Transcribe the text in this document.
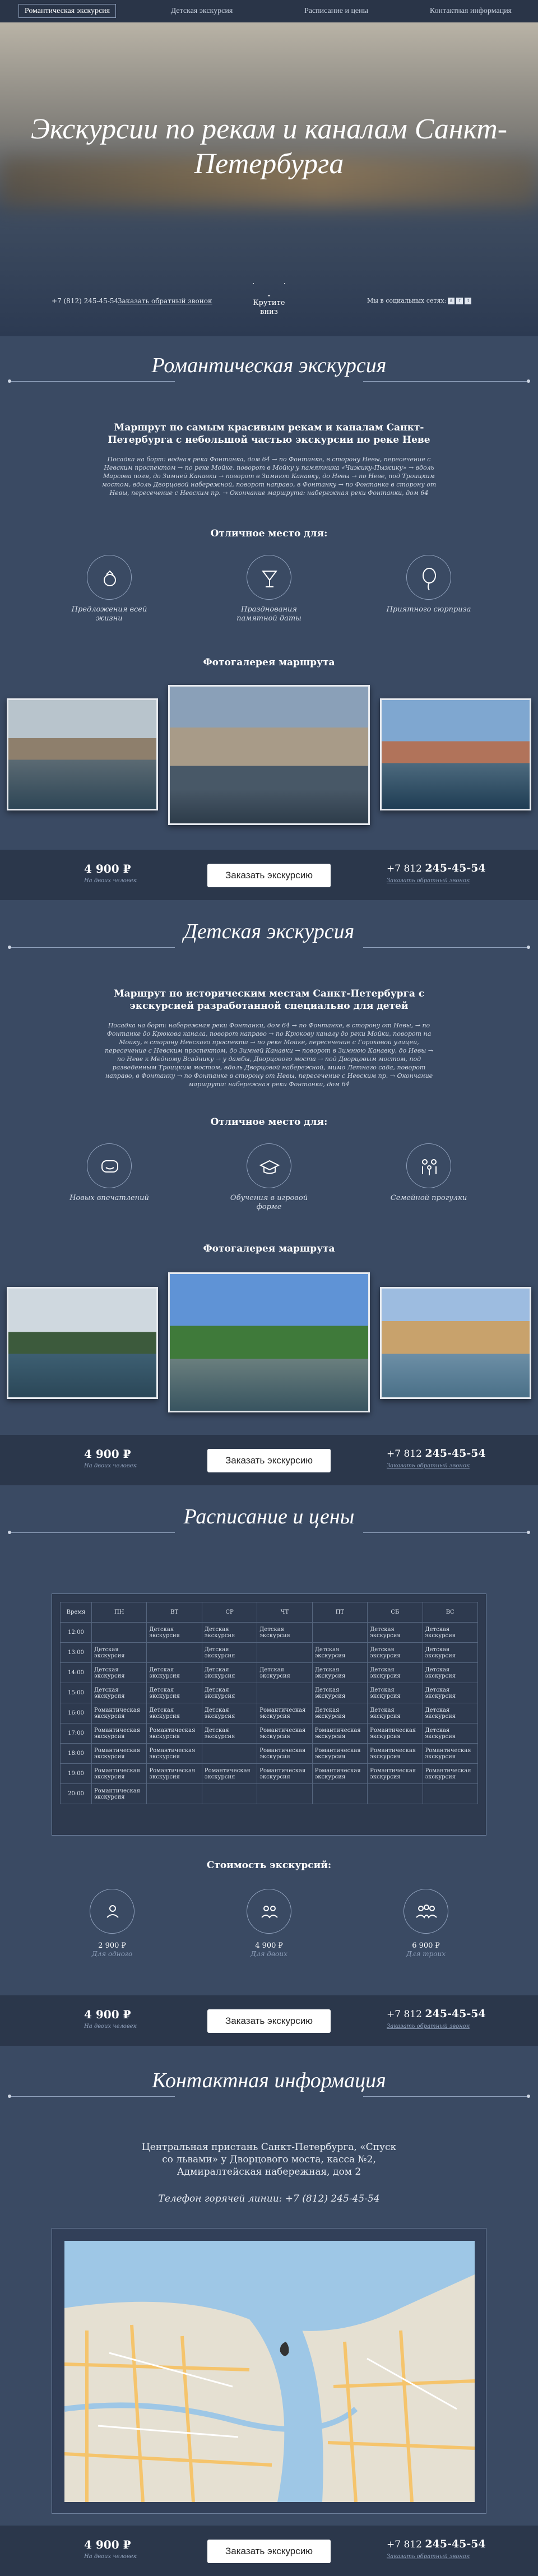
Романтическая экскурсия	Детская экскурсия	Расписание и цены	Контактная информация
Экскурсии по рекам и каналам Санкт-Петербурга
+7 (812) 245-45-54
Заказать обратный звонок	Крутите вниз
Мы в социальных сетях: в	f	t
Романтическая экскурсия
Маршрут по самым красивым рекам и каналам Санкт-Петербурга с небольшой частью экскурсии по реке Неве
Посадка на борт: водная река Фонтанка, дом 64 → по Фонтанке, в сторону Невы, пересечение с Невским проспектом → по реке Мойке, поворот в Мойку у памятника «Чижику-Пыжику» → вдоль Марсова поля, до Зимней Канавки → поворот в Зимнюю Канавку, до Невы → по Неве, под Троицким мостом, вдоль Дворцовой набережной, поворот направо, в Фонтанку → по Фонтанке в сторону от Невы, пересечение с Невским пр. → Окончание маршрута: набережная реки Фонтанки, дом 64
Отличное место для:
Предложения всей жизни
Празднования памятной даты
Приятного сюрприза
Фотогалерея маршрута
4 900 ₽
На двоих человек
Заказать экскурсию
+7 812 245-45-54
Заказать обратный звонок
Детская экскурсия
Маршрут по историческим местам Санкт-Петербурга с экскурсией разработанной специально для детей
Посадка на борт: набережная реки Фонтанки, дом 64 → по Фонтанке, в сторону от Невы, → по Фонтанке до Крюкова канала, поворот направо → по Крюкову каналу до реки Мойки, поворот на Мойку, в сторону Невского проспекта → по реке Мойке, пересечение с Гороховой улицей, пересечение с Невским проспектом, до Зимней Канавки → поворот в Зимнюю Канавку, до Невы → по Неве к Медному Всаднику → у дамбы, Дворцового моста → под Дворцовым мостом, под разведенным Троицким мостом, вдоль Дворцовой набережной, мимо Летнего сада, поворот направо, в Фонтанку → по Фонтанке в сторону от Невы, пересечение с Невским пр. → Окончание маршрута: набережная реки Фонтанки, дом 64
Отличное место для:
Новых впечатлений	Обучения в игровой форме
Семейной прогулки
Фотогалерея маршрута
4 900 ₽
На двоих человек
Заказать экскурсию
+7 812 245-45-54
Заказать обратный звонок
Расписание и цены
Время	ПН	ВТ	СР	ЧТ	ПТ	СБ	ВС
12:00		Детская экскурсия	Детская экскурсия	Детская экскурсия		Детская экскурсия	Детская экскурсия
13:00	Детская экскурсия		Детская экскурсия		Детская экскурсия	Детская экскурсия	Детская экскурсия
14:00	Детская экскурсия	Детская экскурсия	Детская экскурсия	Детская экскурсия	Детская экскурсия	Детская экскурсия	Детская экскурсия
15:00	Детская экскурсия	Детская экскурсия	Детская экскурсия		Детская экскурсия	Детская экскурсия	Детская экскурсия
16:00	Романтическая экскурсия	Детская экскурсия	Детская экскурсия	Романтическая экскурсия	Детская экскурсия	Детская экскурсия	Детская экскурсия
17:00	Романтическая экскурсия	Романтическая экскурсия	Детская экскурсия	Романтическая экскурсия	Романтическая экскурсия	Романтическая экскурсия	Детская экскурсия
18:00	Романтическая экскурсия	Романтическая экскурсия		Романтическая экскурсия	Романтическая экскурсия	Романтическая экскурсия	Романтическая экскурсия
19:00	Романтическая экскурсия	Романтическая экскурсия	Романтическая экскурсия	Романтическая экскурсия	Романтическая экскурсия	Романтическая экскурсия	Романтическая экскурсия
20:00	Романтическая экскурсия						
Стоимость экскурсий:
2 900 ₽
Для одного
4 900 ₽
Для двоих
6 900 ₽
Для троих
4 900 ₽
На двоих человек
Заказать экскурсию
+7 812 245-45-54
Заказать обратный звонок
Контактная информация
Центральная пристань Санкт-Петербурга, «Спуск со львами» у Дворцового моста, касса №2, Адмиралтейская набережная, дом 2
Телефон горячей линии: +7 (812) 245-45-54
4 900 ₽
На двоих человек
Заказать экскурсию
+7 812 245-45-54
Заказать обратный звонок
